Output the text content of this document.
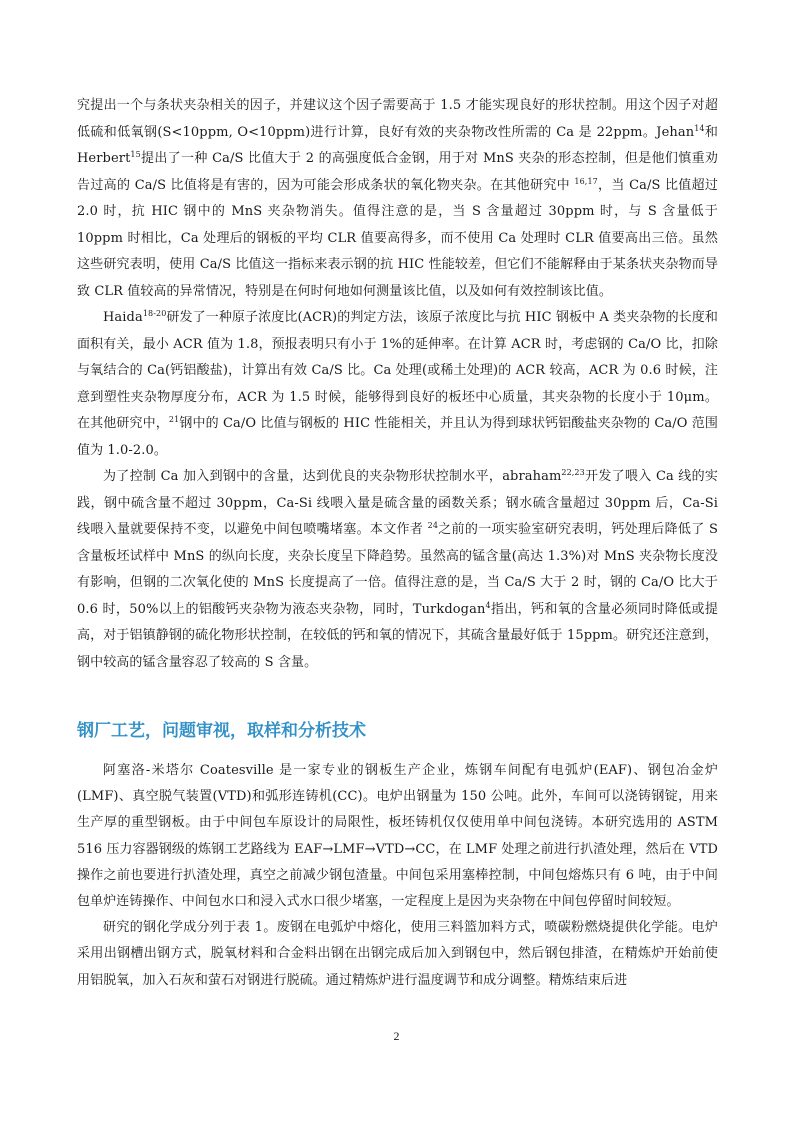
究提出一个与条状夹杂相关的因子，并建议这个因子需要高于 1.5 才能实现良好的形状控制。用这个因子对超低硫和低氧钢(S<10ppm, O<10ppm)进行计算，良好有效的夹杂物改性所需的 Ca 是 22ppm。Jehan$^{14}$和 Herbert$^{15}$提出了一种 Ca/S 比值大于 2 的高强度低合金钢，用于对 MnS 夹杂的形态控制，但是他们慎重劝告过高的 Ca/S 比值将是有害的，因为可能会形成条状的氧化物夹杂。在其他研究中 $^{16,17}$，当 Ca/S 比值超过 2.0 时，抗 HIC 钢中的 MnS 夹杂物消失。值得注意的是，当 S 含量超过 30ppm 时，与 S 含量低于 10ppm 时相比，Ca 处理后的钢板的平均 CLR 值要高得多，而不使用 Ca 处理时 CLR 值要高出三倍。虽然这些研究表明，使用 Ca/S 比值这一指标来表示钢的抗 HIC 性能较差，但它们不能解释由于某条状夹杂物而导致 CLR 值较高的异常情况，特别是在何时何地如何测量该比值，以及如何有效控制该比值。

Haida$^{18-20}$研发了一种原子浓度比(ACR)的判定方法，该原子浓度比与抗 HIC 钢板中 A 类夹杂物的长度和面积有关，最小 ACR 值为 1.8，预报表明只有小于 1%的延伸率。在计算 ACR 时，考虑钢的 Ca/O 比，扣除与氧结合的 Ca(钙铝酸盐)，计算出有效 Ca/S 比。Ca 处理(或稀土处理)的 ACR 较高，ACR 为 0.6 时候，注意到塑性夹杂物厚度分布，ACR 为 1.5 时候，能够得到良好的板坯中心质量，其夹杂物的长度小于 10μm。在其他研究中，$^{21}$钢中的 Ca/O 比值与钢板的 HIC 性能相关，并且认为得到球状钙铝酸盐夹杂物的 Ca/O 范围值为 1.0-2.0。

为了控制 Ca 加入到钢中的含量，达到优良的夹杂物形状控制水平，abraham$^{22,23}$开发了喂入 Ca 线的实践，钢中硫含量不超过 30ppm，Ca-Si 线喂入量是硫含量的函数关系；钢水硫含量超过 30ppm 后，Ca-Si 线喂入量就要保持不变，以避免中间包喷嘴堵塞。本文作者 $^{24}$之前的一项实验室研究表明，钙处理后降低了 S 含量板坯试样中 MnS 的纵向长度，夹杂长度呈下降趋势。虽然高的锰含量(高达 1.3%)对 MnS 夹杂物长度没有影响，但钢的二次氧化使的 MnS 长度提高了一倍。值得注意的是，当 Ca/S 大于 2 时，钢的 Ca/O 比大于 0.6 时，50%以上的铝酸钙夹杂物为液态夹杂物，同时，Turkdogan$^4$指出，钙和氧的含量必须同时降低或提高，对于铝镇静钢的硫化物形状控制，在较低的钙和氧的情况下，其硫含量最好低于 15ppm。研究还注意到，钢中较高的锰含量容忍了较高的 S 含量。

钢厂工艺，问题审视，取样和分析技术

阿塞洛-米塔尔 Coatesville 是一家专业的钢板生产企业，炼钢车间配有电弧炉(EAF)、钢包冶金炉(LMF)、真空脱气装置(VTD)和弧形连铸机(CC)。电炉出钢量为 150 公吨。此外，车间可以浇铸钢锭，用来生产厚的重型钢板。由于中间包车原设计的局限性，板坯铸机仅仅使用单中间包浇铸。本研究选用的 ASTM 516 压力容器钢级的炼钢工艺路线为 EAF→LMF→VTD→CC，在 LMF 处理之前进行扒渣处理，然后在 VTD 操作之前也要进行扒渣处理，真空之前减少钢包渣量。中间包采用塞棒控制，中间包熔炼只有 6 吨，由于中间包单炉连铸操作、中间包水口和浸入式水口很少堵塞，一定程度上是因为夹杂物在中间包停留时间较短。

研究的钢化学成分列于表 1。废钢在电弧炉中熔化，使用三料篮加料方式，喷碳粉燃烧提供化学能。电炉采用出钢槽出钢方式，脱氧材料和合金料出钢在出钢完成后加入到钢包中，然后钢包排渣，在精炼炉开始前使用铝脱氧，加入石灰和萤石对钢进行脱硫。通过精炼炉进行温度调节和成分调整。精炼结束后进

2
